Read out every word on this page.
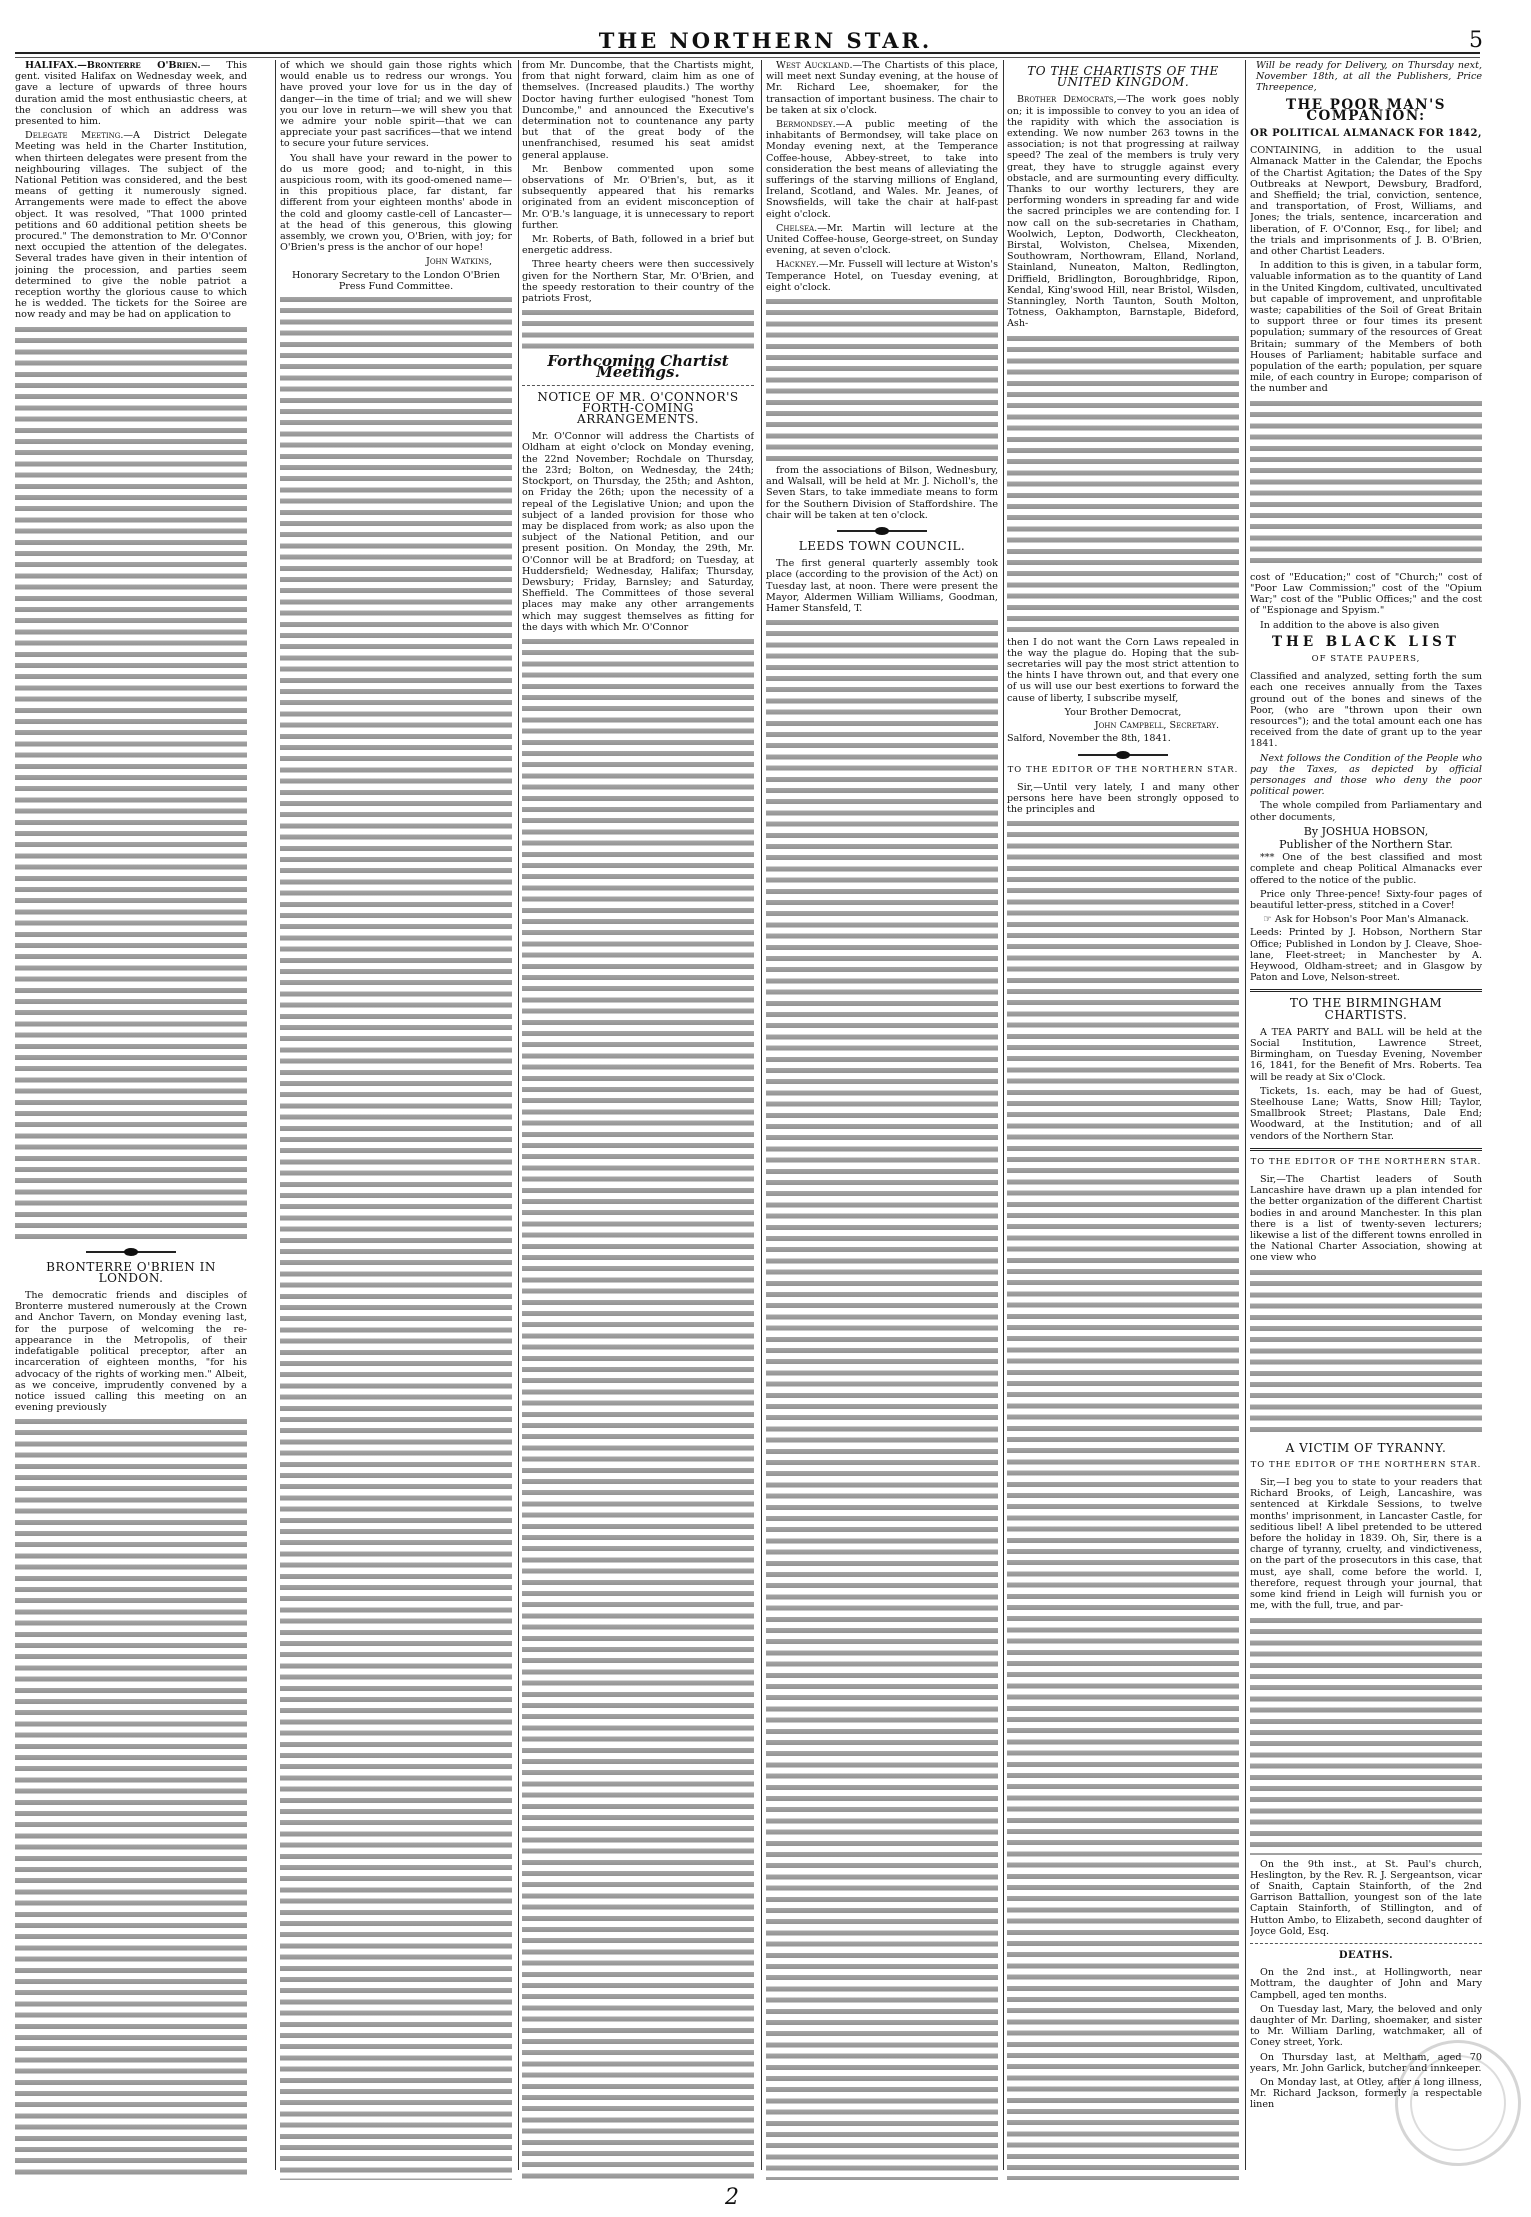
THE NORTHERN STAR.	5

HALIFAX.—Bronterre O'Brien.— This gent. visited Halifax on Wednesday week, and gave a lecture of upwards of three hours duration amid the most enthusiastic cheers, at the conclusion of which an address was presented to him.

Delegate Meeting.—A District Delegate Meeting was held in the Charter Institution, when thirteen delegates were present from the neighbouring villages. The subject of the National Petition was considered, and the best means of getting it numerously signed. Arrangements were made to effect the above object. It was resolved, "That 1000 printed petitions and 60 additional petition sheets be procured." The demonstration to Mr. O'Connor next occupied the attention of the delegates. Several trades have given in their intention of joining the procession, and parties seem determined to give the noble patriot a reception worthy the glorious cause to which he is wedded. The tickets for the Soiree are now ready and may be had on application to

BRONTERRE O'BRIEN IN LONDON.

The democratic friends and disciples of Bronterre mustered numerously at the Crown and Anchor Tavern, on Monday evening last, for the purpose of welcoming the re-appearance in the Metropolis, of their indefatigable political preceptor, after an incarceration of eighteen months, "for his advocacy of the rights of working men." Albeit, as we conceive, imprudently convened by a notice issued calling this meeting on an evening previously

of which we should gain those rights which would enable us to redress our wrongs. You have proved your love for us in the day of danger—in the time of trial; and we will shew you our love in return—we will shew you that we admire your noble spirit—that we can appreciate your past sacrifices—that we intend to secure your future services.

You shall have your reward in the power to do us more good; and to-night, in this auspicious room, with its good-omened name—in this propitious place, far distant, far different from your eighteen months' abode in the cold and gloomy castle-cell of Lancaster—at the head of this generous, this glowing assembly, we crown you, O'Brien, with joy; for O'Brien's press is the anchor of our hope!

John Watkins,
Honorary Secretary to the London O'Brien Press Fund Committee.

from Mr. Duncombe, that the Chartists might, from that night forward, claim him as one of themselves. (Increased plaudits.) The worthy Doctor having further eulogised "honest Tom Duncombe," and announced the Executive's determination not to countenance any party but that of the great body of the unenfranchised, resumed his seat amidst general applause.

Mr. Benbow commented upon some observations of Mr. O'Brien's, but, as it subsequently appeared that his remarks originated from an evident misconception of Mr. O'B.'s language, it is unnecessary to report further.

Mr. Roberts, of Bath, followed in a brief but energetic address.

Three hearty cheers were then successively given for the Northern Star, Mr. O'Brien, and the speedy restoration to their country of the patriots Frost,

Forthcoming Chartist Meetings.
NOTICE OF MR. O'CONNOR'S FORTH-COMING ARRANGEMENTS.

Mr. O'Connor will address the Chartists of Oldham at eight o'clock on Monday evening, the 22nd November; Rochdale on Thursday, the 23rd; Bolton, on Wednesday, the 24th; Stockport, on Thursday, the 25th; and Ashton, on Friday the 26th; upon the necessity of a repeal of the Legislative Union; and upon the subject of a landed provision for those who may be displaced from work; as also upon the subject of the National Petition, and our present position. On Monday, the 29th, Mr. O'Connor will be at Bradford; on Tuesday, at Huddersfield; Wednesday, Halifax; Thursday, Dewsbury; Friday, Barnsley; and Saturday, Sheffield. The Committees of those several places may make any other arrangements which may suggest themselves as fitting for the days with which Mr. O'Connor

West Auckland.—The Chartists of this place, will meet next Sunday evening, at the house of Mr. Richard Lee, shoemaker, for the transaction of important business. The chair to be taken at six o'clock.

Bermondsey.—A public meeting of the inhabitants of Bermondsey, will take place on Monday evening next, at the Temperance Coffee-house, Abbey-street, to take into consideration the best means of alleviating the sufferings of the starving millions of England, Ireland, Scotland, and Wales. Mr. Jeanes, of Snowsfields, will take the chair at half-past eight o'clock.

Chelsea.—Mr. Martin will lecture at the United Coffee-house, George-street, on Sunday evening, at seven o'clock.

Hackney.—Mr. Fussell will lecture at Wiston's Temperance Hotel, on Tuesday evening, at eight o'clock.

from the associations of Bilson, Wednesbury, and Walsall, will be held at Mr. J. Nicholl's, the Seven Stars, to take immediate means to form for the Southern Division of Staffordshire. The chair will be taken at ten o'clock.

LEEDS TOWN COUNCIL.

The first general quarterly assembly took place (according to the provision of the Act) on Tuesday last, at noon. There were present the Mayor, Aldermen William Williams, Goodman, Hamer Stansfeld, T.

TO THE CHARTISTS OF THE UNITED KINGDOM.

Brother Democrats,—The work goes nobly on; it is impossible to convey to you an idea of the rapidity with which the association is extending. We now number 263 towns in the association; is not that progressing at railway speed? The zeal of the members is truly very great, they have to struggle against every obstacle, and are surmounting every difficulty. Thanks to our worthy lecturers, they are performing wonders in spreading far and wide the sacred principles we are contending for. I now call on the sub-secretaries in Chatham, Woolwich, Lepton, Dodworth, Cleckheaton, Birstal, Wolviston, Chelsea, Mixenden, Southowram, Northowram, Elland, Norland, Stainland, Nuneaton, Malton, Redlington, Driffield, Bridlington, Boroughbridge, Ripon, Kendal, King'swood Hill, near Bristol, Wilsden, Stanningley, North Taunton, South Molton, Totness, Oakhampton, Barnstaple, Bideford, Ash-

then I do not want the Corn Laws repealed in the way the plague do. Hoping that the sub-secretaries will pay the most strict attention to the hints I have thrown out, and that every one of us will use our best exertions to forward the cause of liberty, I subscribe myself,

Your Brother Democrat,
John Campbell, Secretary.
Salford, November the 8th, 1841.
TO THE EDITOR OF THE NORTHERN STAR.

Sir,—Until very lately, I and many other persons here have been strongly opposed to the principles and

Will be ready for Delivery, on Thursday next, November 18th, at all the Publishers, Price Threepence,

THE POOR MAN'S COMPANION:
OR POLITICAL ALMANACK FOR 1842,

CONTAINING, in addition to the usual Almanack Matter in the Calendar, the Epochs of the Chartist Agitation; the Dates of the Spy Outbreaks at Newport, Dewsbury, Bradford, and Sheffield; the trial, conviction, sentence, and transportation, of Frost, Williams, and Jones; the trials, sentence, incarceration and liberation, of F. O'Connor, Esq., for libel; and the trials and imprisonments of J. B. O'Brien, and other Chartist Leaders.

In addition to this is given, in a tabular form, valuable information as to the quantity of Land in the United Kingdom, cultivated, uncultivated but capable of improvement, and unprofitable waste; capabilities of the Soil of Great Britain to support three or four times its present population; summary of the resources of Great Britain; summary of the Members of both Houses of Parliament; habitable surface and population of the earth; population, per square mile, of each country in Europe; comparison of the number and

cost of "Education;" cost of "Church;" cost of "Poor Law Commission;" cost of the "Opium War;" cost of the "Public Offices;" and the cost of "Espionage and Spyism."

In addition to the above is also given

THE BLACK LIST
OF STATE PAUPERS,

Classified and analyzed, setting forth the sum each one receives annually from the Taxes ground out of the bones and sinews of the Poor, (who are "thrown upon their own resources"); and the total amount each one has received from the date of grant up to the year 1841.

Next follows the Condition of the People who pay the Taxes, as depicted by official personages and those who deny the poor political power.

The whole compiled from Parliamentary and other documents,

By JOSHUA HOBSON,
Publisher of the Northern Star.

*** One of the best classified and most complete and cheap Political Almanacks ever offered to the notice of the public.

Price only Three-pence! Sixty-four pages of beautiful letter-press, stitched in a Cover!

☞ Ask for Hobson's Poor Man's Almanack.

Leeds: Printed by J. Hobson, Northern Star Office; Published in London by J. Cleave, Shoe-lane, Fleet-street; in Manchester by A. Heywood, Oldham-street; and in Glasgow by Paton and Love, Nelson-street.

TO THE BIRMINGHAM CHARTISTS.

A TEA PARTY and BALL will be held at the Social Institution, Lawrence Street, Birmingham, on Tuesday Evening, November 16, 1841, for the Benefit of Mrs. Roberts. Tea will be ready at Six o'Clock.

Tickets, 1s. each, may be had of Guest, Steelhouse Lane; Watts, Snow Hill; Taylor, Smallbrook Street; Plastans, Dale End; Woodward, at the Institution; and of all vendors of the Northern Star.

TO THE EDITOR OF THE NORTHERN STAR.

Sir,—The Chartist leaders of South Lancashire have drawn up a plan intended for the better organization of the different Chartist bodies in and around Manchester. In this plan there is a list of twenty-seven lecturers; likewise a list of the different towns enrolled in the National Charter Association, showing at one view who

A VICTIM OF TYRANNY.
TO THE EDITOR OF THE NORTHERN STAR.

Sir,—I beg you to state to your readers that Richard Brooks, of Leigh, Lancashire, was sentenced at Kirkdale Sessions, to twelve months' imprisonment, in Lancaster Castle, for seditious libel! A libel pretended to be uttered before the holiday in 1839. Oh, Sir, there is a charge of tyranny, cruelty, and vindictiveness, on the part of the prosecutors in this case, that must, aye shall, come before the world. I, therefore, request through your journal, that some kind friend in Leigh will furnish you or me, with the full, true, and par-

On the 9th inst., at St. Paul's church, Heslington, by the Rev. R. J. Sergeantson, vicar of Snaith, Captain Stainforth, of the 2nd Garrison Battallion, youngest son of the late Captain Stainforth, of Stillington, and of Hutton Ambo, to Elizabeth, second daughter of Joyce Gold, Esq.

DEATHS.

On the 2nd inst., at Hollingworth, near Mottram, the daughter of John and Mary Campbell, aged ten months.

On Tuesday last, Mary, the beloved and only daughter of Mr. Darling, shoemaker, and sister to Mr. William Darling, watchmaker, all of Coney street, York.

On Thursday last, at Meltham, aged 70 years, Mr. John Garlick, butcher and innkeeper.

On Monday last, at Otley, after a long illness, Mr. Richard Jackson, formerly a respectable linen

2
